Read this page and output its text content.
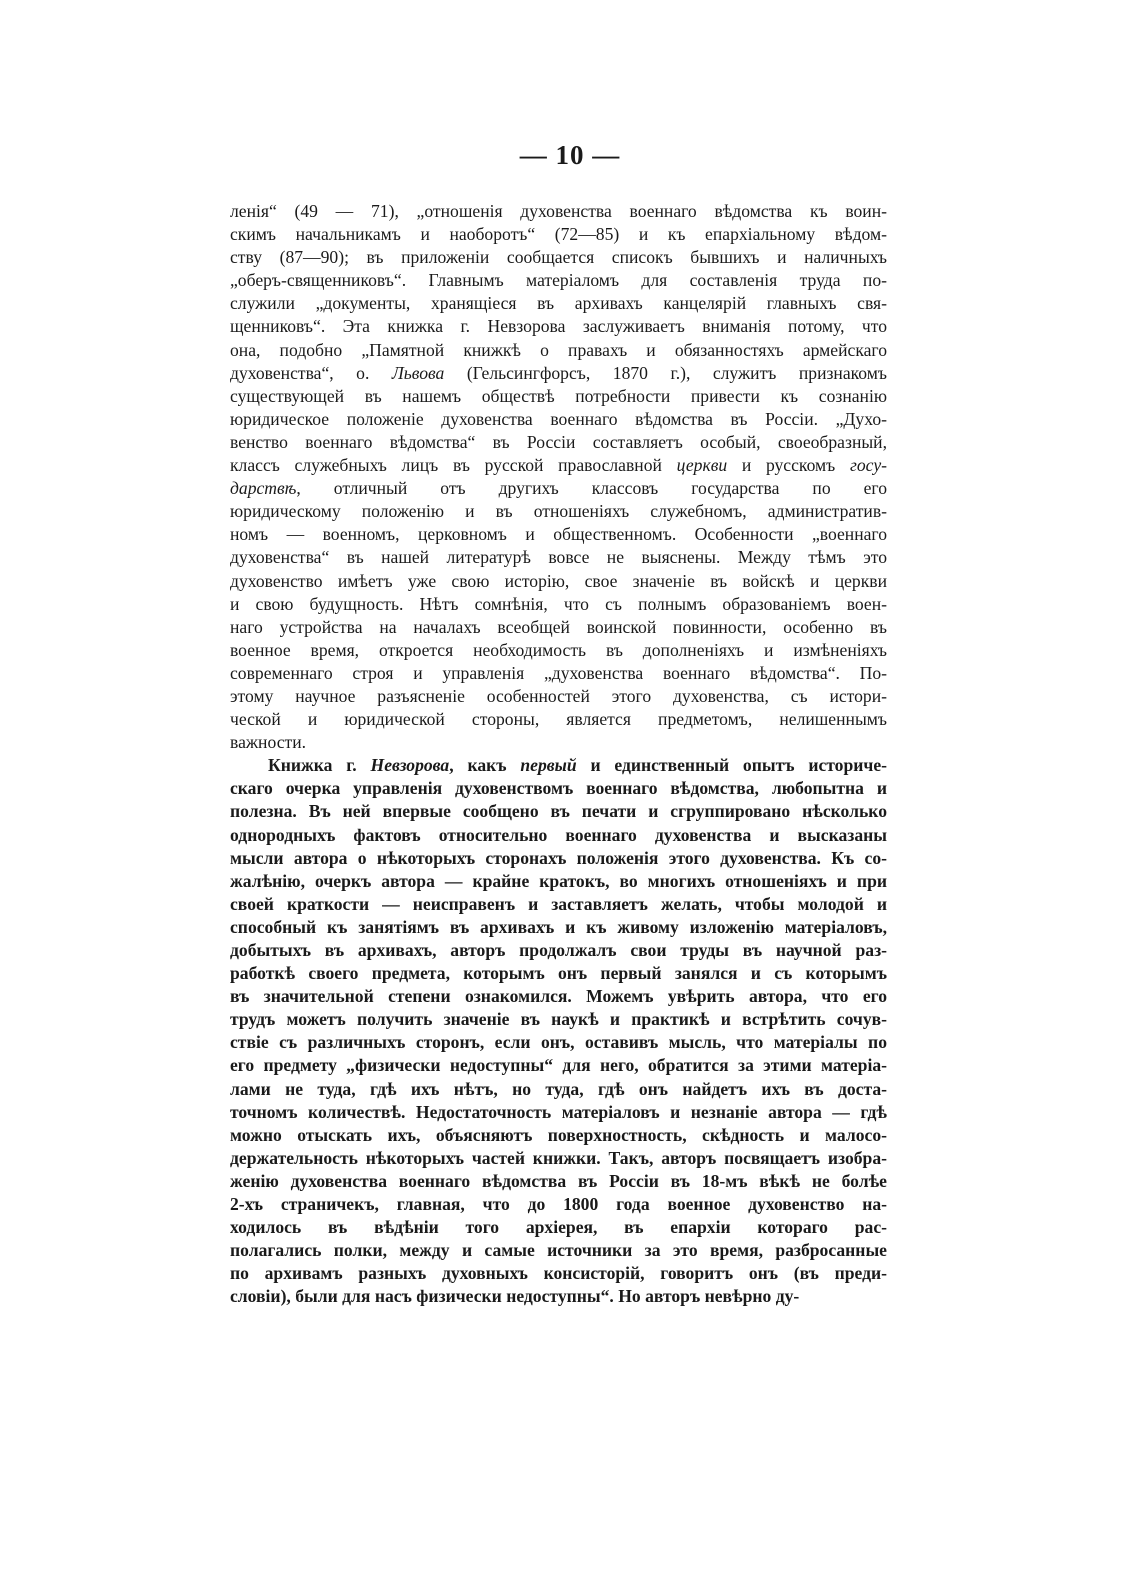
— 10 —
ленія“ (49 — 71), „отношенія духовенства военнаго вѣдомства къ воин-
скимъ начальникамъ и наоборотъ“ (72—85) и къ епархіальному вѣдом-
ству (87—90); въ приложеніи сообщается списокъ бывшихъ и наличныхъ
„оберъ-священниковъ“. Главнымъ матеріаломъ для составленія труда по-
служили „документы, хранящіеся въ архивахъ канцелярій главныхъ свя-
щенниковъ“. Эта книжка г. Невзорова заслуживаетъ вниманія потому, что
она, подобно „Памятной книжкѣ о правахъ и обязанностяхъ армейскаго
духовенства“, о. Львова (Гельсингфорсъ, 1870 г.), служитъ признакомъ
существующей въ нашемъ обществѣ потребности привести къ сознанію
юридическое положеніе духовенства военнаго вѣдомства въ Россіи. „Духо-
венство военнаго вѣдомства“ въ Россіи составляетъ особый, своеобразный,
классъ служебныхъ лицъ въ русской православной церкви и русскомъ госу-
дарствѣ, отличный отъ другихъ классовъ государства по его
юридическому положенію и въ отношеніяхъ служебномъ, административ-
номъ — военномъ, церковномъ и общественномъ. Особенности „военнаго
духовенства“ въ нашей литературѣ вовсе не выяснены. Между тѣмъ это
духовенство имѣетъ уже свою исторію, свое значеніе въ войскѣ и церкви
и свою будущность. Нѣтъ сомнѣнія, что съ полнымъ образованіемъ воен-
наго устройства на началахъ всеобщей воинской повинности, особенно въ
военное время, откроется необходимость въ дополненіяхъ и измѣненіяхъ
современнаго строя и управленія „духовенства военнаго вѣдомства“. По-
этому научное разъясненіе особенностей этого духовенства, съ истори-
ческой и юридической стороны, является предметомъ, нелишеннымъ
важности.
Книжка г. Невзорова, какъ первый и единственный опытъ историче-
скаго очерка управленія духовенствомъ военнаго вѣдомства, любопытна и
полезна. Въ ней впервые сообщено въ печати и сгруппировано нѣсколько
однородныхъ фактовъ относительно военнаго духовенства и высказаны
мысли автора о нѣкоторыхъ сторонахъ положенія этого духовенства. Къ со-
жалѣнію, очеркъ автора — крайне кратокъ, во многихъ отношеніяхъ и при
своей краткости — неисправенъ и заставляетъ желать, чтобы молодой и
способный къ занятіямъ въ архивахъ и къ живому изложенію матеріаловъ,
добытыхъ въ архивахъ, авторъ продолжалъ свои труды въ научной раз-
работкѣ своего предмета, которымъ онъ первый занялся и съ которымъ
въ значительной степени ознакомился. Можемъ увѣрить автора, что его
трудъ можетъ получить значеніе въ наукѣ и практикѣ и встрѣтить сочув-
ствіе съ различныхъ сторонъ, если онъ, оставивъ мысль, что матеріалы по
его предмету „физически недоступны“ для него, обратится за этими матеріа-
лами не туда, гдѣ ихъ нѣтъ, но туда, гдѣ онъ найдетъ ихъ въ доста-
точномъ количествѣ. Недостаточность матеріаловъ и незнаніе автора — гдѣ
можно отыскать ихъ, объясняютъ поверхностность, скѣдность и малосо-
держательность нѣкоторыхъ частей книжки. Такъ, авторъ посвящаетъ изобра-
женію духовенства военнаго вѣдомства въ Россіи въ 18-мъ вѣкѣ не болѣе
2-хъ страничекъ, главная, что до 1800 года военное духовенство на-
ходилось въ вѣдѣніи того архіерея, въ епархіи котораго рас-
полагались полки, между и самые источники за это время, разбросанные
по архивамъ разныхъ духовныхъ консисторій, говоритъ онъ (въ преди-
словіи), были для насъ физически недоступны“. Но авторъ невѣрно ду-
